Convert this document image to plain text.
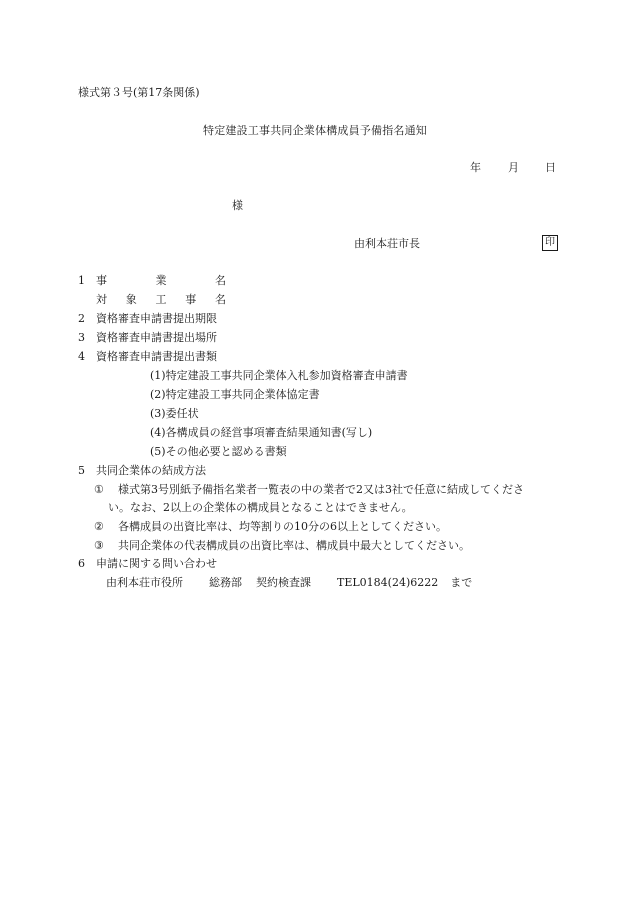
様式第３号(第17条関係)
特定建設工事共同企業体構成員予備指名通知
年 月 日
様
由利本荘市長	印
1 事	業	名
対 象 工 事 名
2 資格審査申請書提出期限
3 資格審査申請書提出場所
4 資格審査申請書提出書類
(1)特定建設工事共同企業体入札参加資格審査申請書
(2)特定建設工事共同企業体協定書
(3)委任状
(4)各構成員の経営事項審査結果通知書(写し)
(5)その他必要と認める書類
5 共同企業体の結成方法
① 様式第3号別紙予備指名業者一覧表の中の業者で2又は3社で任意に結成してくださ
い。なお、2以上の企業体の構成員となることはできません。
② 各構成員の出資比率は、均等割りの10分の6以上としてください。
③ 共同企業体の代表構成員の出資比率は、構成員中最大としてください。
6 申請に関する問い合わせ
由利本荘市役所 総務部 契約検査課 TEL0184(24)6222 まで
